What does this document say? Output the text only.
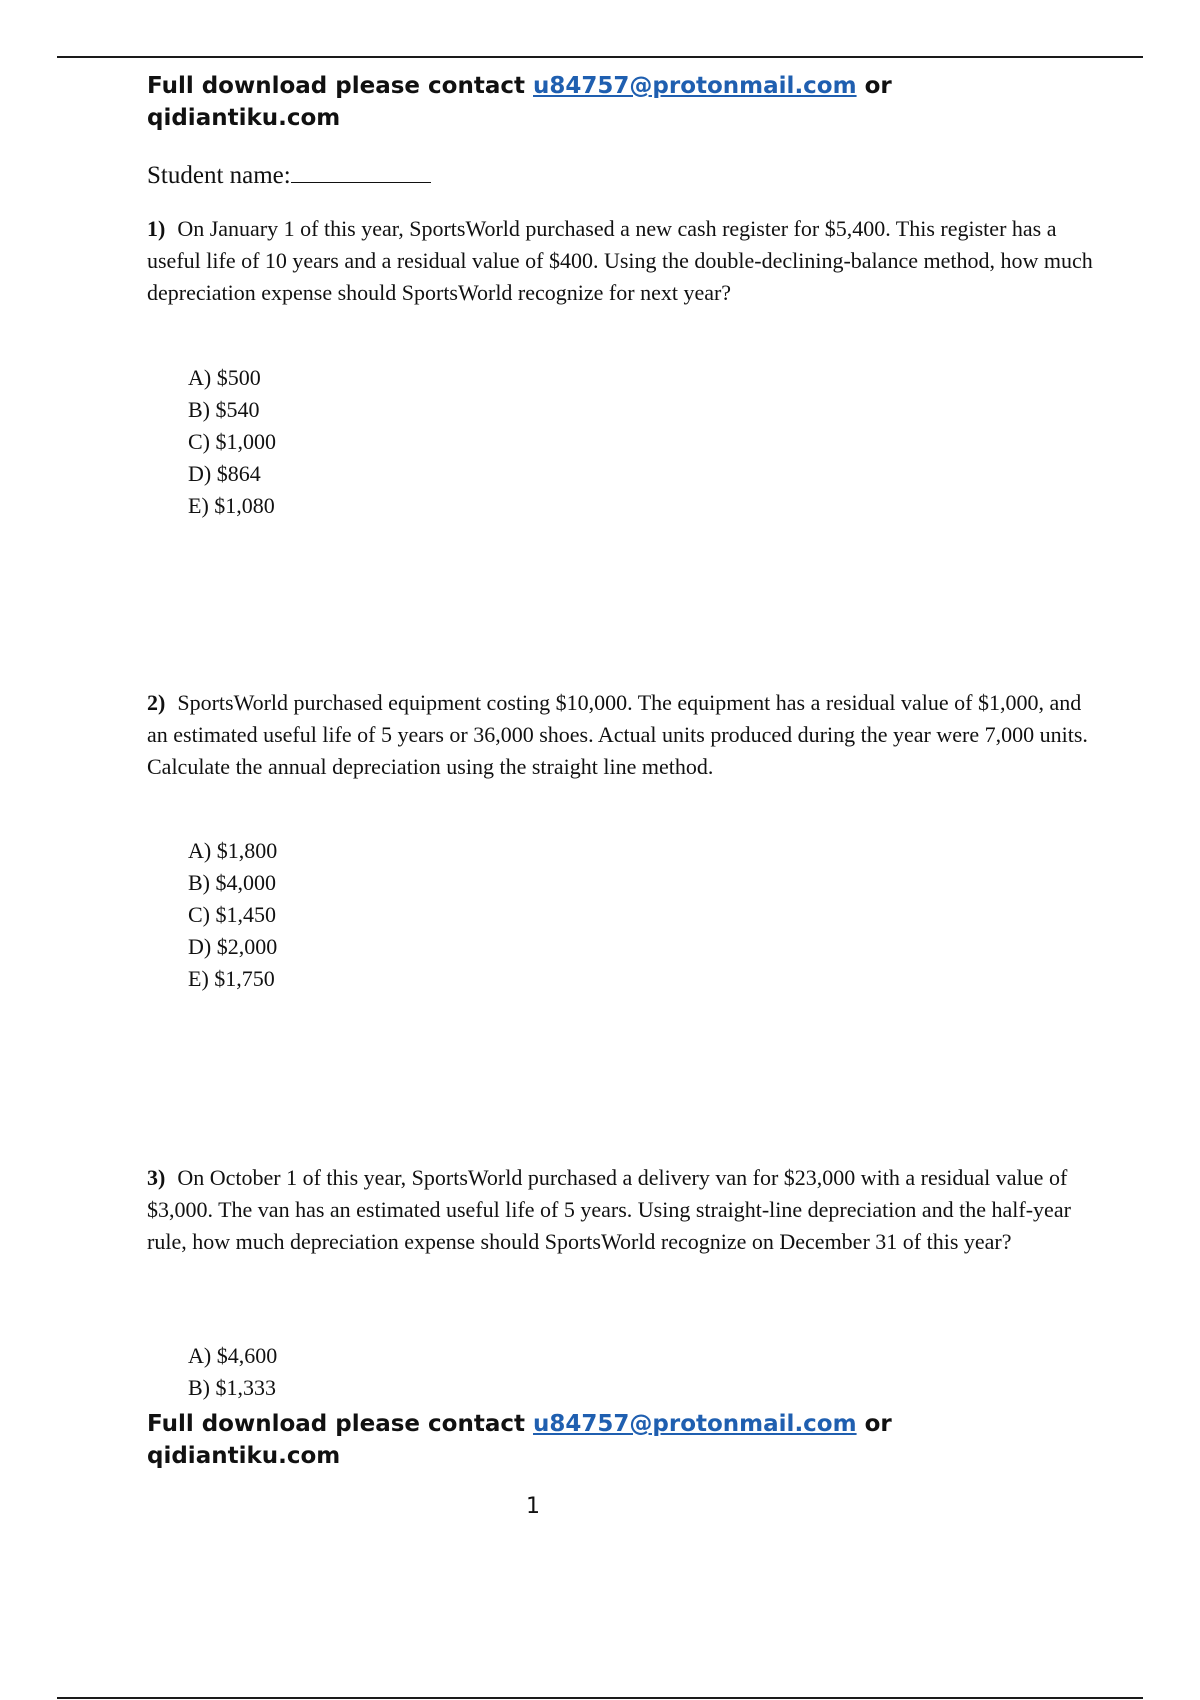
Full download please contact u84757@protonmail.com or
qidiantiku.com
Student name:
1) On January 1 of this year, SportsWorld purchased a new cash register for $5,400. This register has a useful life of 10 years and a residual value of $400. Using the double-declining-balance method, how much depreciation expense should SportsWorld recognize for next year?
A) $500
B) $540
C) $1,000
D) $864
E) $1,080
2) SportsWorld purchased equipment costing $10,000. The equipment has a residual value of $1,000, and an estimated useful life of 5 years or 36,000 shoes. Actual units produced during the year were 7,000 units. Calculate the annual depreciation using the straight line method.
A) $1,800
B) $4,000
C) $1,450
D) $2,000
E) $1,750
3) On October 1 of this year, SportsWorld purchased a delivery van for $23,000 with a residual value of $3,000. The van has an estimated useful life of 5 years. Using straight-line depreciation and the half-year rule, how much depreciation expense should SportsWorld recognize on December 31 of this year?
A) $4,600
B) $1,333
Full download please contact u84757@protonmail.com or
qidiantiku.com
1
